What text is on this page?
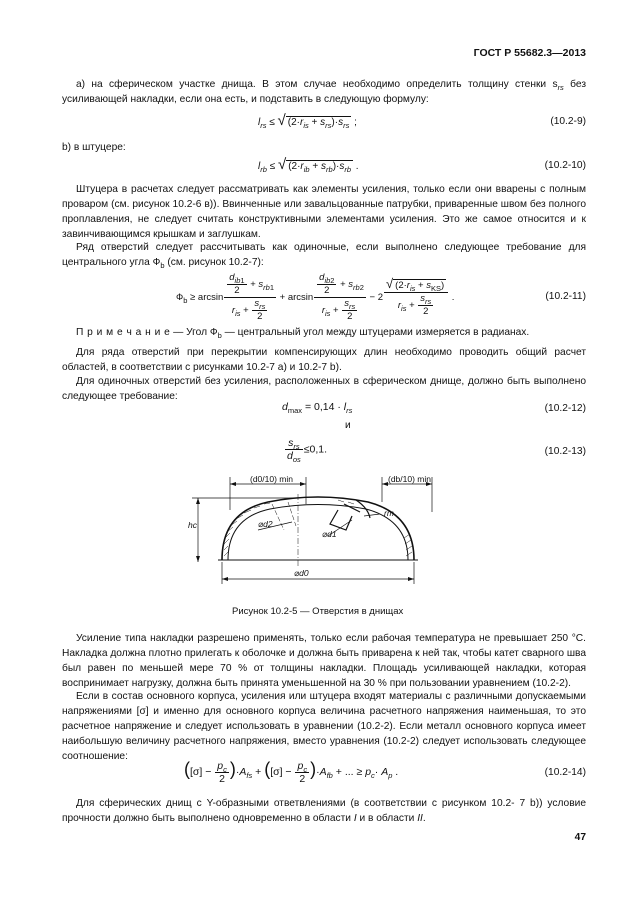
ГОСТ Р 55682.3—2013
а) на сферическом участке днища. В этом случае необходимо определить толщину стенки $s_{rs}$ без усиливающей накладки, если она есть, и подставить в следующую формулу:
$l_{rs}$ ≤ √ $(2\cdot r_{is} + s_{rs})\cdot s_{rs}$ ;	(10.2-9)
b) в штуцере:
$l_{rb}$ ≤ √ $(2\cdot r_{ib} + s_{rb})\cdot s_{rb}$ .	(10.2-10)
Штуцера в расчетах следует рассматривать как элементы усиления, только если они вварены с полным проваром (см. рисунок 10.2-6 в)). Ввинченные или завальцованные патрубки, приваренные швом без полного проплавления, не следует считать конструктивными элементами усиления. Это же самое относится и к завинчивающимся крышкам и заглушкам.
Ряд отверстий следует рассчитывать как одиночные, если выполнено следующее требование для центрального угла $Ф_b$ (см. рисунок 10.2-7):
$Ф_b \ge \arcsin \frac{\frac{d_{ib1}}{2} + s_{rb1}}{r_{is} + \frac{s_{rs}}{2}} + \arcsin \frac{\frac{d_{ib2}}{2} + s_{rb2}}{r_{is} + \frac{s_{rs}}{2}} - 2 \frac{√ (2\cdot r_{is} + s_{KS})}{r_{is} + \frac{s_{rs}}{2}}$ .	(10.2-11)
П р и м е ч а н и е — Угол $Ф_b$ — центральный угол между штуцерами измеряется в радианах.
Для ряда отверстий при перекрытии компенсирующих длин необходимо проводить общий расчет областей, в соответствии с рисунками 10.2-7 а) и 10.2-7 b).
Для одиночных отверстий без усиления, расположенных в сферическом днище, должно быть выполнено следующее требование:
$d_{max} = 0,14 \cdot l_{rs}$	(10.2-12)
и
$\frac{s_{rs}}{d_{os}} \le 0,1$.	(10.2-13)
(d0/10) min	(db/10) min
hc	⌀d2
⌀d1
rm
⌀d0
Рисунок 10.2-5 — Отверстия в днищах
Усиление типа накладки разрешено применять, только если рабочая температура не превышает 250 °С. Накладка должна плотно прилегать к оболочке и должна быть приварена к ней так, чтобы катет сварного шва был равен по меньшей мере 70 % от толщины накладки. Площадь усиливающей накладки, которая воспринимает нагрузку, должна быть принята уменьшенной на 30 % при пользовании уравнением (10.2-2).
Если в состав основного корпуса, усиления или штуцера входят материалы с различными допускаемыми напряжениями [σ] и именно для основного корпуса величина расчетного напряжения наименьшая, то это расчетное напряжение и следует использовать в уравнении (10.2-2). Если металл основного корпуса имеет наибольшую величину расчетного напряжения, вместо уравнения (10.2-2) следует использовать следующее соотношение:
$([\sigma] - \frac{p_c}{2} )\cdot A_{fs} + ([\sigma] - \frac{p_c}{2} )\cdot A_{fb}$ + ... ≥ $p_c\cdot A_p$ .	(10.2-14)
Для сферических днищ с Y-образными ответвлениями (в соответствии с рисунком 10.2- 7 b)) условие прочности должно быть выполнено одновременно в области I и в области II.
47
